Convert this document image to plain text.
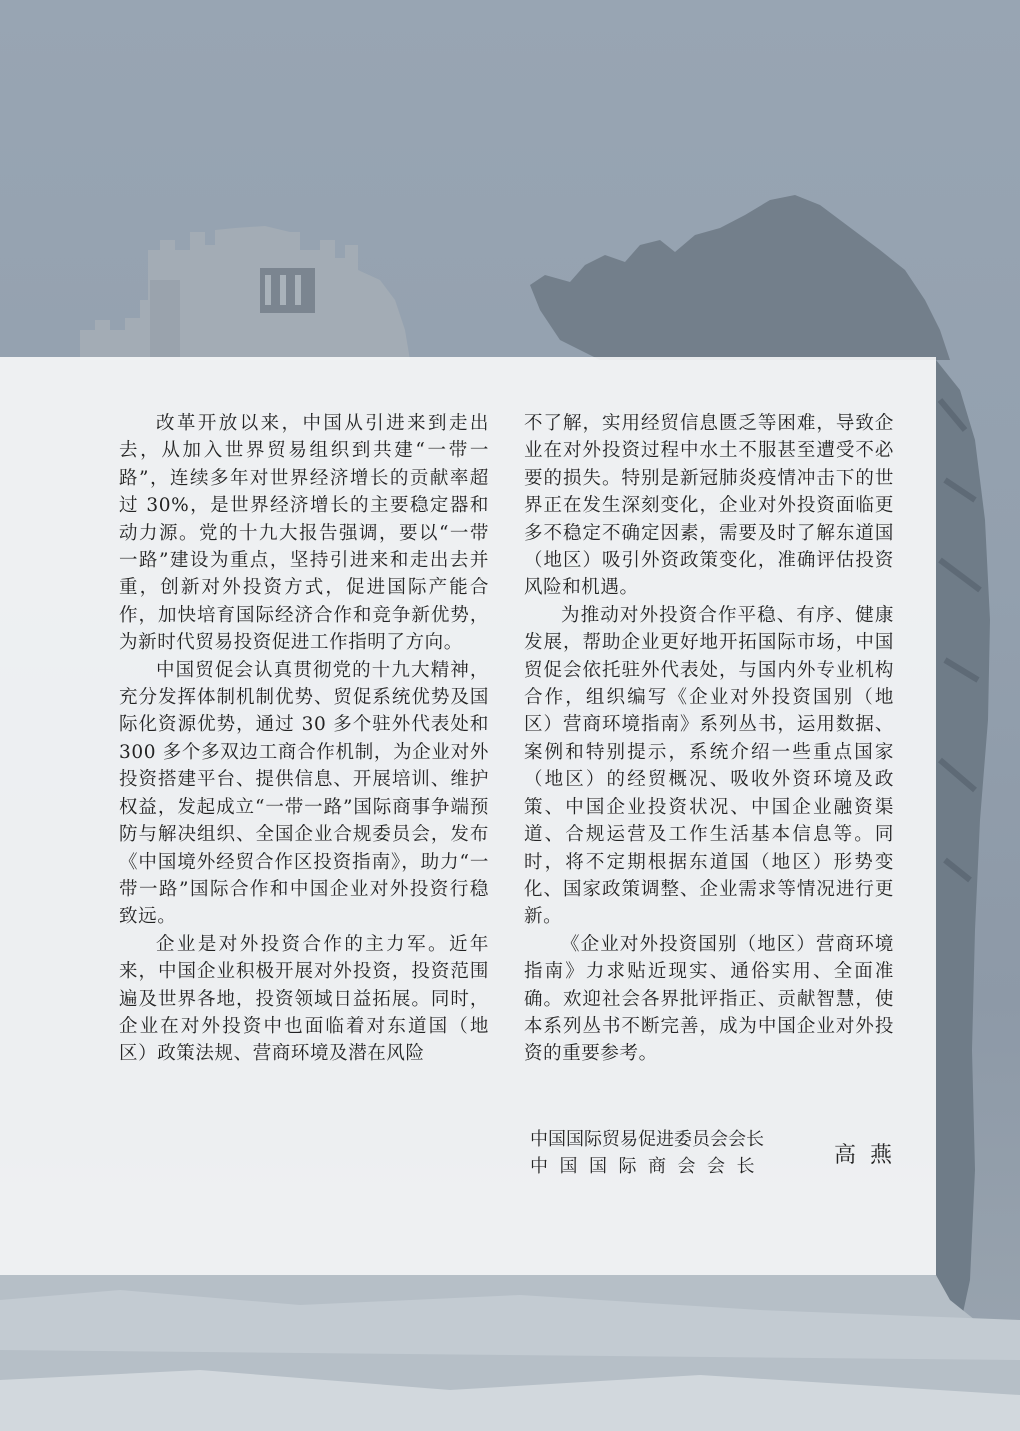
改革开放以来，中国从引进来到走出去，从加入世界贸易组织到共建“一带一路”，连续多年对世界经济增长的贡献率超过 30%，是世界经济增长的主要稳定器和动力源。党的十九大报告强调，要以“一带一路”建设为重点，坚持引进来和走出去并重，创新对外投资方式，促进国际产能合作，加快培育国际经济合作和竞争新优势，为新时代贸易投资促进工作指明了方向。

中国贸促会认真贯彻党的十九大精神，充分发挥体制机制优势、贸促系统优势及国际化资源优势，通过 30 多个驻外代表处和 300 多个多双边工商合作机制，为企业对外投资搭建平台、提供信息、开展培训、维护权益，发起成立“一带一路”国际商事争端预防与解决组织、全国企业合规委员会，发布《中国境外经贸合作区投资指南》，助力“一带一路”国际合作和中国企业对外投资行稳致远。

企业是对外投资合作的主力军。近年来，中国企业积极开展对外投资，投资范围遍及世界各地，投资领域日益拓展。同时，企业在对外投资中也面临着对东道国（地区）政策法规、营商环境及潜在风险

不了解，实用经贸信息匮乏等困难，导致企业在对外投资过程中水土不服甚至遭受不必要的损失。特别是新冠肺炎疫情冲击下的世界正在发生深刻变化，企业对外投资面临更多不稳定不确定因素，需要及时了解东道国（地区）吸引外资政策变化，准确评估投资风险和机遇。

为推动对外投资合作平稳、有序、健康发展，帮助企业更好地开拓国际市场，中国贸促会依托驻外代表处，与国内外专业机构合作，组织编写《企业对外投资国别（地区）营商环境指南》系列丛书，运用数据、案例和特别提示，系统介绍一些重点国家（地区）的经贸概况、吸收外资环境及政策、中国企业投资状况、中国企业融资渠道、合规运营及工作生活基本信息等。同时，将不定期根据东道国（地区）形势变化、国家政策调整、企业需求等情况进行更新。

《企业对外投资国别（地区）营商环境指南》力求贴近现实、通俗实用、全面准确。欢迎社会各界批评指正、贡献智慧，使本系列丛书不断完善，成为中国企业对外投资的重要参考。

中国国际贸易促进委员会会长
中国国际商会会长	高燕
